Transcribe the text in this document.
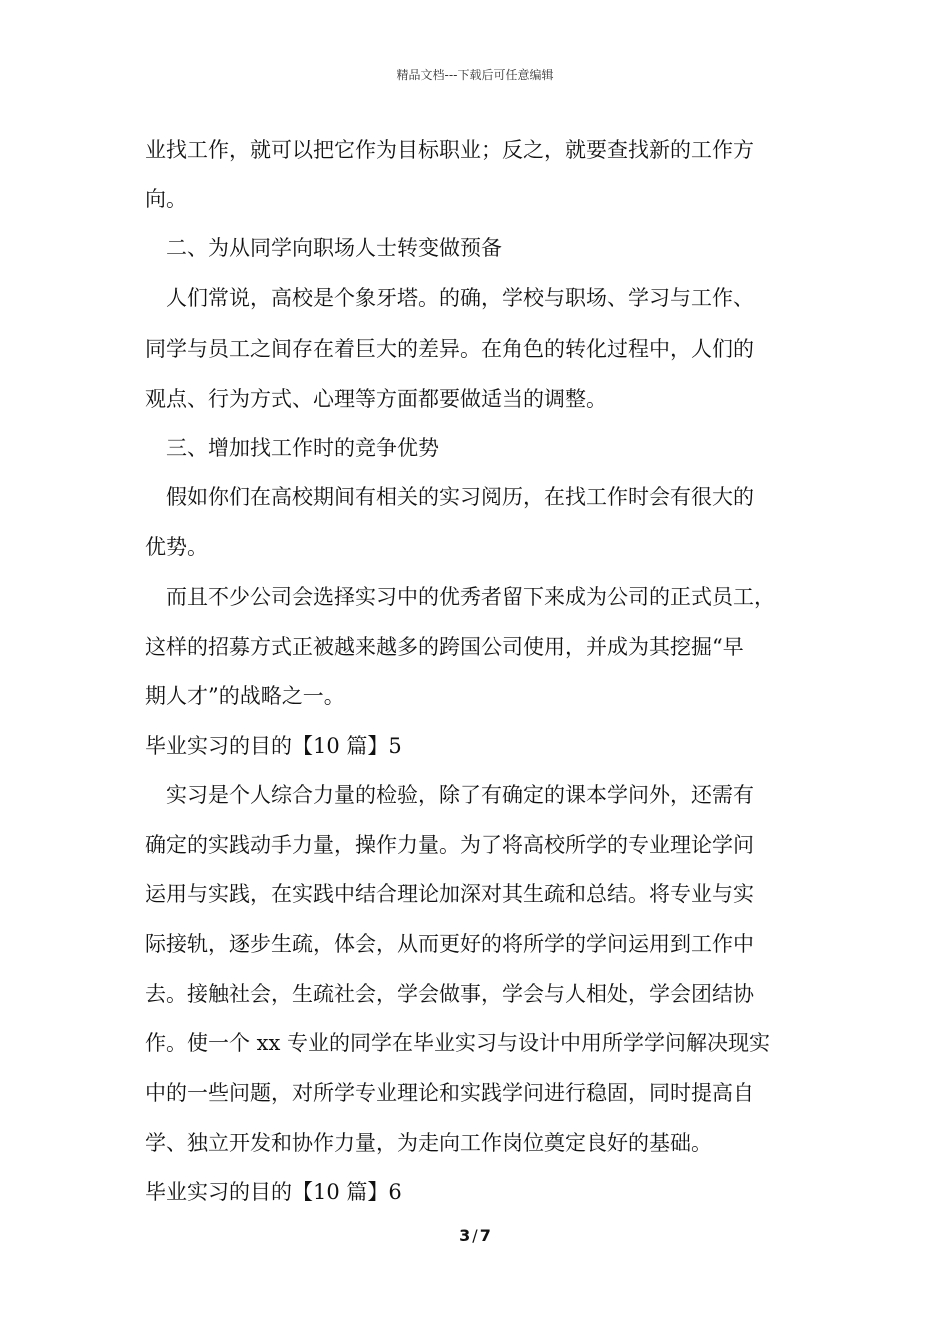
精品文档---下载后可任意编辑
业找工作，就可以把它作为目标职业；反之，就要查找新的工作方
向。
二、为从同学向职场人士转变做预备
人们常说，高校是个象牙塔。的确，学校与职场、学习与工作、
同学与员工之间存在着巨大的差异。在角色的转化过程中，人们的
观点、行为方式、心理等方面都要做适当的调整。
三、增加找工作时的竞争优势
假如你们在高校期间有相关的实习阅历，在找工作时会有很大的
优势。
而且不少公司会选择实习中的优秀者留下来成为公司的正式员工，
这样的招募方式正被越来越多的跨国公司使用，并成为其挖掘“早
期人才”的战略之一。
毕业实习的目的【10 篇】5
实习是个人综合力量的检验，除了有确定的课本学问外，还需有
确定的实践动手力量，操作力量。为了将高校所学的专业理论学问
运用与实践，在实践中结合理论加深对其生疏和总结。将专业与实
际接轨，逐步生疏，体会，从而更好的将所学的学问运用到工作中
去。接触社会，生疏社会，学会做事，学会与人相处，学会团结协
作。使一个 xx 专业的同学在毕业实习与设计中用所学学问解决现实
中的一些问题，对所学专业理论和实践学问进行稳固，同时提高自
学、独立开发和协作力量，为走向工作岗位奠定良好的基础。
毕业实习的目的【10 篇】6
3 / 7
